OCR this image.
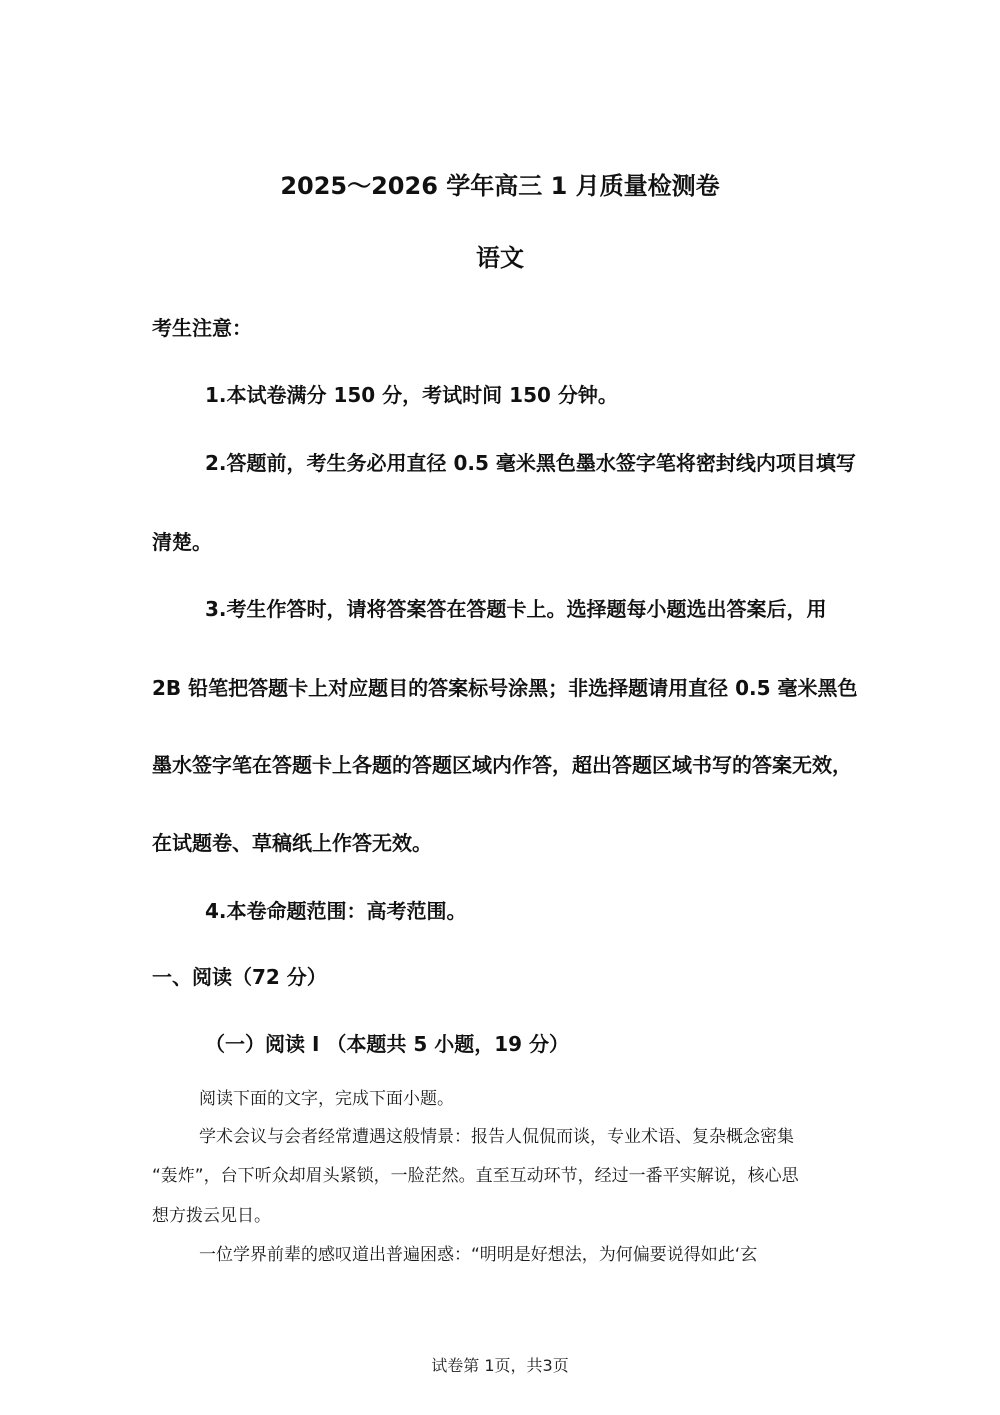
2025～2026 学年高三 1 月质量检测卷
语文
考生注意：
1.本试卷满分 150 分，考试时间 150 分钟。
2.答题前，考生务必用直径 0.5 毫米黑色墨水签字笔将密封线内项目填写
清楚。
3.考生作答时，请将答案答在答题卡上。选择题每小题选出答案后，用
2B 铅笔把答题卡上对应题目的答案标号涂黑；非选择题请用直径 0.5 毫米黑色
墨水签字笔在答题卡上各题的答题区域内作答，超出答题区域书写的答案无效，
在试题卷、草稿纸上作答无效。
4.本卷命题范围：高考范围。
一、阅读（72 分）
（一）阅读 I （本题共 5 小题，19 分）
阅读下面的文字，完成下面小题。
学术会议与会者经常遭遇这般情景：报告人侃侃而谈，专业术语、复杂概念密集
“轰炸”，台下听众却眉头紧锁，一脸茫然。直至互动环节，经过一番平实解说，核心思
想方拨云见日。
一位学界前辈的感叹道出普遍困惑：“明明是好想法，为何偏要说得如此‘玄
试卷第 1页，共3页
